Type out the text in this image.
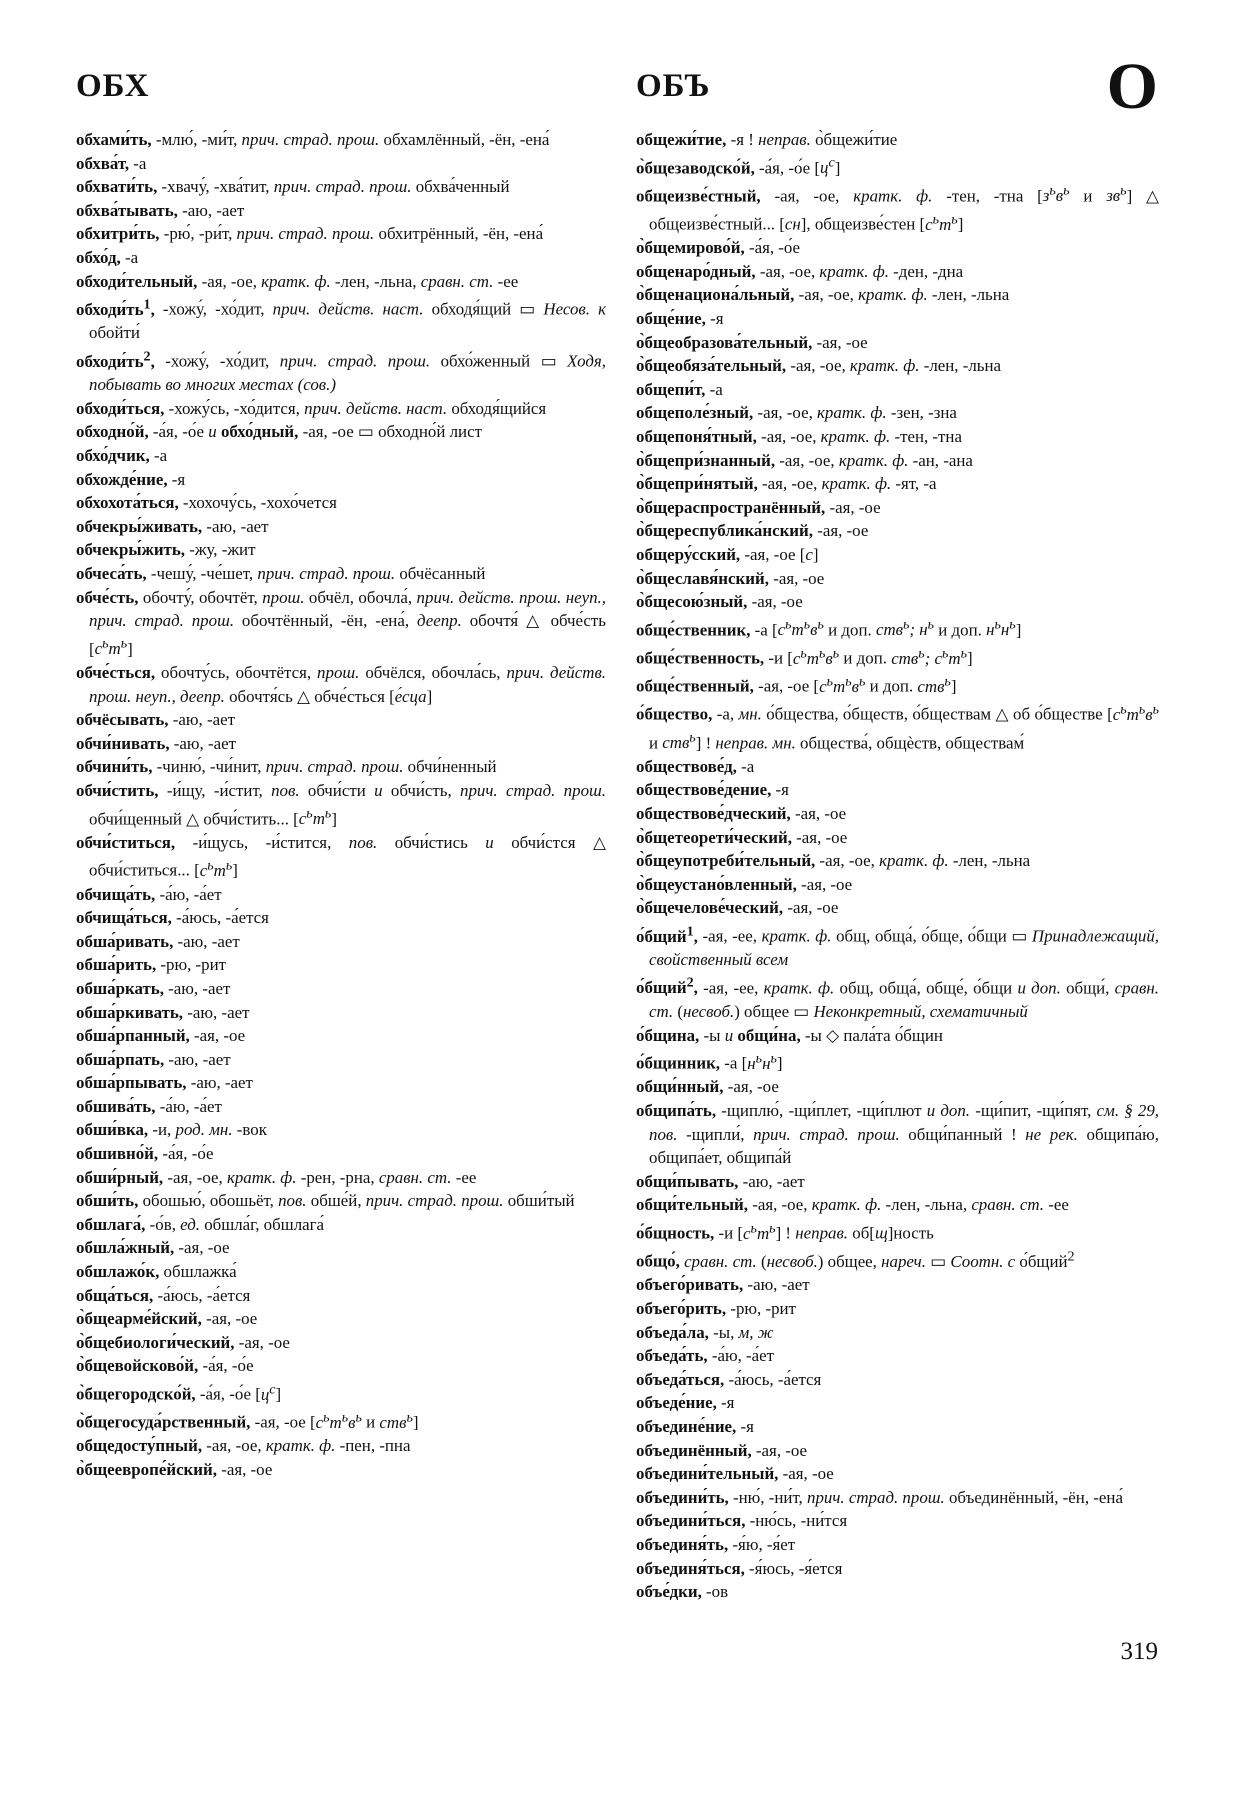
ОБХ	ОБЪ	О
обхами́ть, -млю́, -ми́т, прич. страд. прош. обхамлённый, -ён, -ена́
обхва́т, -а
обхвати́ть, -хвачу́, -хва́тит, прич. страд. прош. обхва́ченный
обхва́тывать, -аю, -ает
обхитри́ть, -рю́, -ри́т, прич. страд. прош. обхитрённый, -ён, -ена́
обхо́д, -а
обходи́тельный, -ая, -ое, кратк. ф. -лен, -льна, сравн. ст. -ее
$обходи́ть^1$, -хожу́, -хо́дит, прич. действ. наст. обходя́щий ▭ Несов. к обойти́
$обходи́ть^2$, -хожу́, -хо́дит, прич. страд. прош. обхо́женный ▭ Ходя, побывать во многих местах (сов.)
обходи́ться, -хожу́сь, -хо́дится, прич. действ. наст. обходя́щийся
обходно́й, -а́я, -о́е и обхо́дный, -ая, -ое ▭ обходно́й лист
обхо́дчик, -а
обхожде́ние, -я
обхохота́ться, -хохочу́сь, -хохо́чется
обчекры́живать, -аю, -ает
обчекры́жить, -жу, -жит
обчеса́ть, -чешу́, -че́шет, прич. страд. прош. обчёсанный
обче́сть, обочту́, обочтёт, прош. обчёл, обочла́, прич. действ. прош. неуп., прич. страд. прош. обочтённый, -ён, -ена́, деепр. обочтя́ △ обче́сть $[с^ьт^ь]$
обче́сться, обочту́сь, обочтётся, прош. обчёлся, обочла́сь, прич. действ. прош. неуп., деепр. обочтя́сь △ обче́сться [е́сца]
обчёсывать, -аю, -ает
обчи́нивать, -аю, -ает
обчини́ть, -чиню́, -чи́нит, прич. страд. прош. обчи́ненный
обчи́стить, -и́щу, -и́стит, пов. обчи́сти и обчи́сть, прич. страд. прош. обчи́щенный △ обчи́стить... $[с^ьт^ь]$
обчи́ститься, -и́щусь, -и́стится, пов. обчи́стись и обчи́стся △ обчи́ститься... $[с^ьт^ь]$
обчища́ть, -а́ю, -а́ет
обчища́ться, -а́юсь, -а́ется
обша́ривать, -аю, -ает
обша́рить, -рю, -рит
обша́ркать, -аю, -ает
обша́ркивать, -аю, -ает
обша́рпанный, -ая, -ое
обша́рпать, -аю, -ает
обша́рпывать, -аю, -ает
обшива́ть, -а́ю, -а́ет
обши́вка, -и, род. мн. -вок
обшивно́й, -а́я, -о́е
обши́рный, -ая, -ое, кратк. ф. -рен, -рна, сравн. ст. -ее
обши́ть, обошью́, обошьёт, пов. обше́й, прич. страд. прош. обши́тый
обшлага́, -о́в, ед. обшла́г, обшлага́
обшла́жный, -ая, -ое
обшлажо́к, обшлажка́
обща́ться, -а́юсь, -а́ется
о̀бщеарме́йский, -ая, -ое
о̀бщебиологи́ческий, -ая, -ое
о̀бщевойсково́й, -а́я, -о́е
о̀бщегородско́й, -а́я, -о́е $[ц^с]$
о̀бщегосуда́рственный, -ая, -ое [$с^ьт^ьв^ь$ и ств$^ь$]
общедосту́пный, -ая, -ое, кратк. ф. -пен, -пна
о̀бщеевропе́йский, -ая, -ое
общежи́тие, -я ! неправ. о̀бщежи́тие
о̀бщезаводско́й, -а́я, -о́е $[ц^с]$
общеизве́стный, -ая, -ое, кратк. ф. -тен, -тна [$з^ьв^ь$ и $зв^ь$] △ общеизве́стный... [сн], общеизве́стен $[с^ьт^ь]$
о̀бщемирово́й, -а́я, -о́е
общенаро́дный, -ая, -ое, кратк. ф. -ден, -дна
о̀бщенациона́льный, -ая, -ое, кратк. ф. -лен, -льна
обще́ние, -я
о̀бщеобразова́тельный, -ая, -ое
о̀бщеобяза́тельный, -ая, -ое, кратк. ф. -лен, -льна
общепи́т, -а
общеполе́зный, -ая, -ое, кратк. ф. -зен, -зна
общепоня́тный, -ая, -ое, кратк. ф. -тен, -тна
о̀бщепри́знанный, -ая, -ое, кратк. ф. -ан, -ана
о̀бщепри́нятый, -ая, -ое, кратк. ф. -ят, -а
о̀бщераспространённый, -ая, -ое
о̀бщереспублика́нский, -ая, -ое
общеру́сский, -ая, -ое [с]
о̀бщеславя́нский, -ая, -ое
о̀бщесою́зный, -ая, -ое
обще́ственник, -а [$с^ьт^ьв^ь$ и доп. ств$^ь$; $н^ь$ и доп. $н^ьн^ь$]
обще́ственность, -и [$с^ьт^ьв^ь$ и доп. ств$^ь$; $с^ьт^ь$]
обще́ственный, -ая, -ое [$с^ьт^ьв^ь$ и доп. ств$^ь$]
о́бщество, -а, мн. о́бщества, о́бществ, о́бществам △ об о́бществе [$с^ьт^ьв^ь$ и ств$^ь$] ! неправ. мн. общества́, общѐств, обществам́
обществове́д, -а
обществове́дение, -я
обществове́дческий, -ая, -ое
о̀бщетеорети́ческий, -ая, -ое
о̀бщеупотреби́тельный, -ая, -ое, кратк. ф. -лен, -льна
о̀бщеустано́вленный, -ая, -ое
о̀бщечелове́ческий, -ая, -ое
о́бщий$^1$, -ая, -ее, кратк. ф. общ, обща́, о́бще, о́бщи ▭ Принадлежащий, свойственный всем
о́бщий$^2$, -ая, -ее, кратк. ф. общ, обща́, обще́, о́бщи и доп. общи́, сравн. ст. (несвоб.) общее ▭ Неконкретный, схематичный
о́бщина, -ы и общи́на, -ы ◇ пала́та о́бщин
о́бщинник, -а $[н^ьн^ь]$
общи́нный, -ая, -ое
общипа́ть, -щиплю́, -щи́плет, -щи́плют и доп. -щи́пит, -щи́пят, см. § 29, пов. -щипли́, прич. страд. прош. общи́панный ! не рек. общипа́ю, общипа́ет, общипа́й
общи́пывать, -аю, -ает
общи́тельный, -ая, -ое, кратк. ф. -лен, -льна, сравн. ст. -ее
о́бщность, -и $[с^ьт^ь]$ ! неправ. об[щ]ность
общо́, сравн. ст. (несвоб.) общее, нареч. ▭ Соотн. с о́бщий$^2$
объего́ривать, -аю, -ает
объего́рить, -рю, -рит
объеда́ла, -ы, м, ж
объеда́ть, -а́ю, -а́ет
объеда́ться, -а́юсь, -а́ется
объеде́ние, -я
объедине́ние, -я
объединённый, -ая, -ое
объедини́тельный, -ая, -ое
объедини́ть, -ню́, -ни́т, прич. страд. прош. объединённый, -ён, -ена́
объедини́ться, -ню́сь, -ни́тся
объединя́ть, -я́ю, -я́ет
объединя́ться, -я́юсь, -я́ется
объе́дки, -ов
319
